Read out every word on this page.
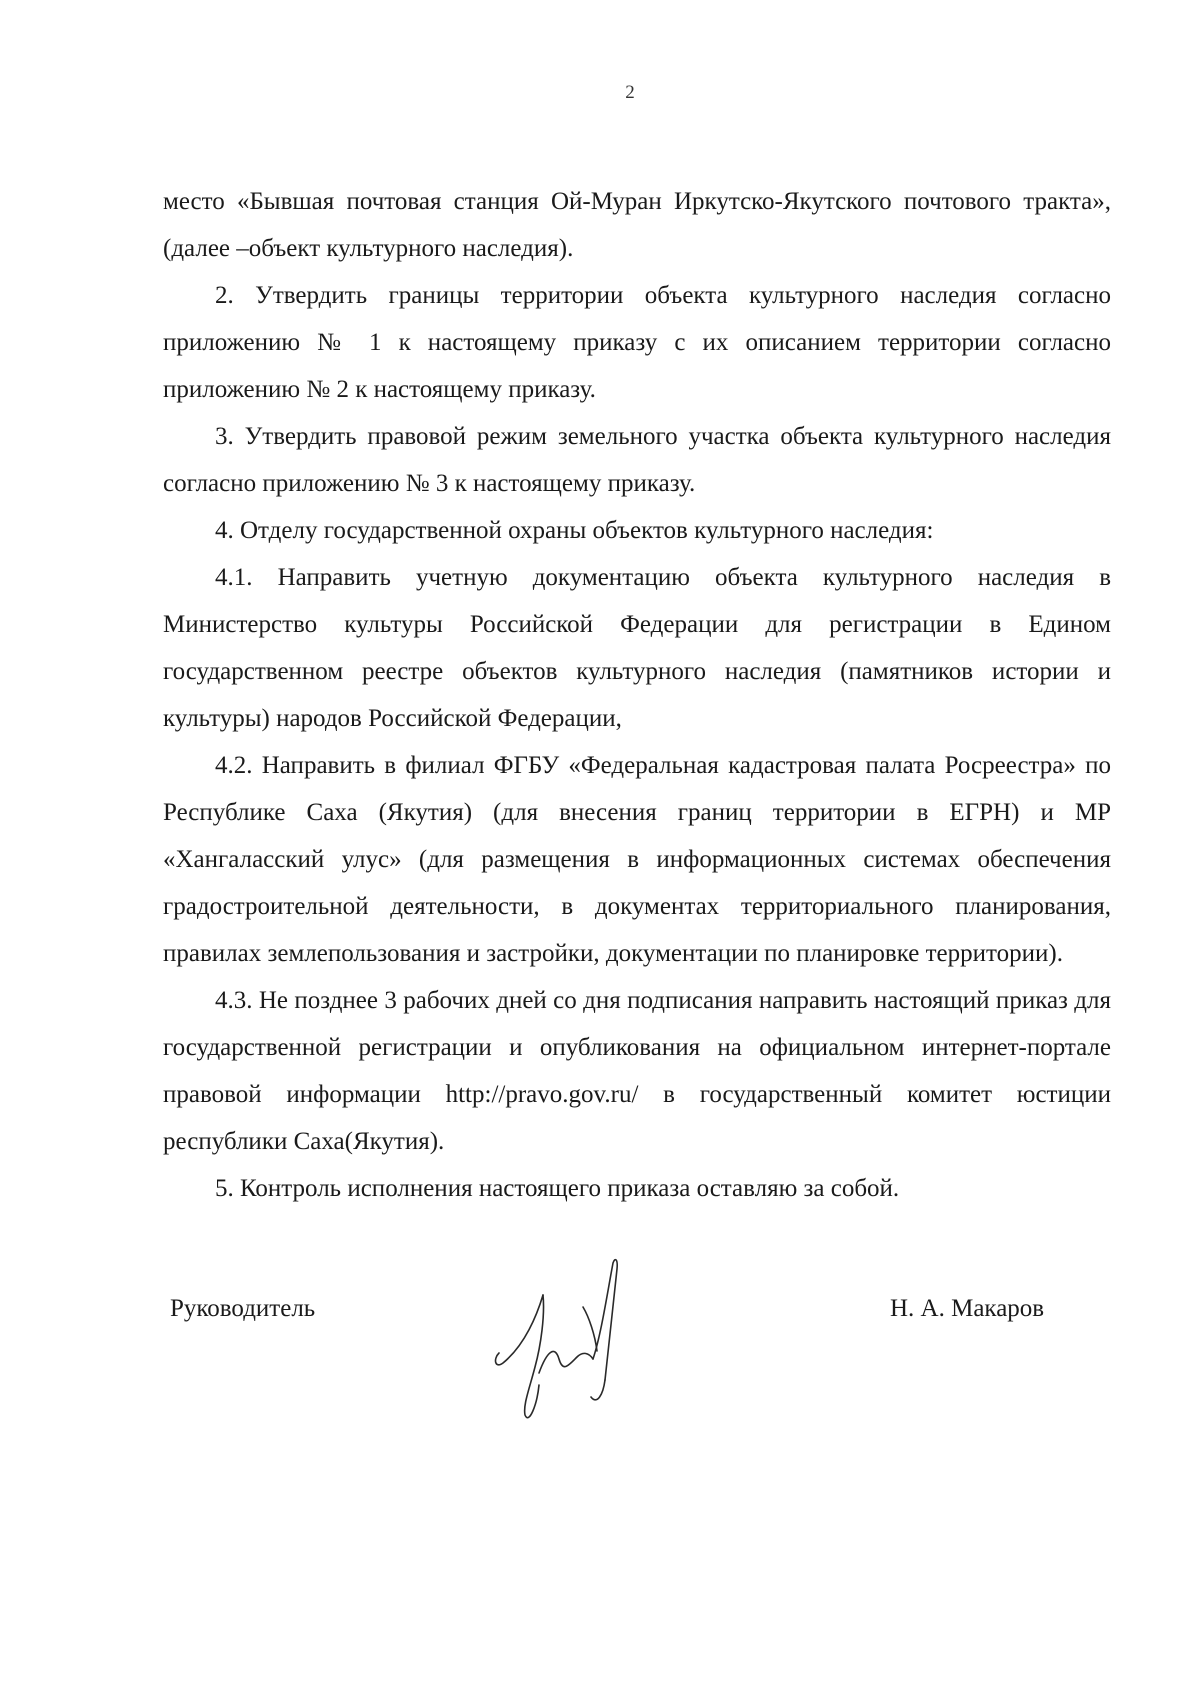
2

место «Бывшая почтовая станция Ой-Муран Иркутско-Якутского почтового тракта», (далее –объект культурного наследия).

2. Утвердить границы территории объекта культурного наследия согласно приложению № 1 к настоящему приказу с их описанием территории согласно приложению № 2 к настоящему приказу.

3. Утвердить правовой режим земельного участка объекта культурного наследия согласно приложению № 3 к настоящему приказу.

4. Отделу государственной охраны объектов культурного наследия:

4.1. Направить учетную документацию объекта культурного наследия в Министерство культуры Российской Федерации для регистрации в Едином государственном реестре объектов культурного наследия (памятников истории и культуры) народов Российской Федерации,

4.2. Направить в филиал ФГБУ «Федеральная кадастровая палата Росреестра» по Республике Саха (Якутия) (для внесения границ территории в ЕГРН) и МР «Хангаласский улус» (для размещения в информационных системах обеспечения градостроительной деятельности, в документах территориального планирования, правилах землепользования и застройки, документации по планировке территории).

4.3. Не позднее 3 рабочих дней со дня подписания направить настоящий приказ для государственной регистрации и опубликования на официальном интернет-портале правовой информации http://pravo.gov.ru/ в государственный комитет юстиции республики Саха(Якутия).

5. Контроль исполнения настоящего приказа оставляю за собой.

Руководитель	Н. А. Макаров
